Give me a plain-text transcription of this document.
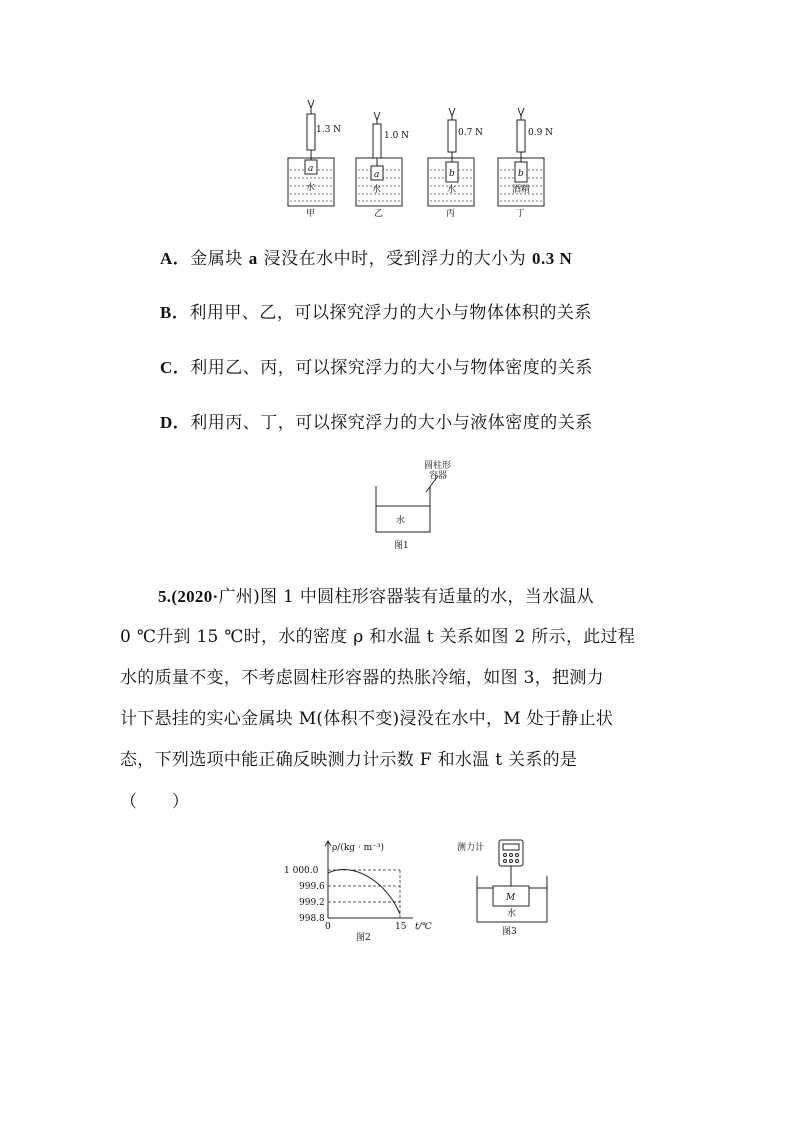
1.3 N
1.0 N	0.7 N	0.9 N
a
a	b	b
水	水	水	酒精
甲	乙	丙	丁
A．金属块 a 浸没在水中时，受到浮力的大小为 0.3 N
B．利用甲、乙，可以探究浮力的大小与物体体积的关系
C．利用乙、丙，可以探究浮力的大小与物体密度的关系
D．利用丙、丁，可以探究浮力的大小与液体密度的关系
圆柱形
容器
水
图1
5.(2020·广州)图 1 中圆柱形容器装有适量的水，当水温从
0 ℃升到 15 ℃时，水的密度 ρ 和水温 t 关系如图 2 所示，此过程
水的质量不变，不考虑圆柱形容器的热胀冷缩，如图 3，把测力
计下悬挂的实心金属块 M(体积不变)浸没在水中，M 处于静止状
态，下列选项中能正确反映测力计示数 F 和水温 t 关系的是
（　　）
ρ/(kg · m⁻³)
1 000.0
999.6
999.2
998.8
0	15 t/℃
图2
测力计
M
水
图3
